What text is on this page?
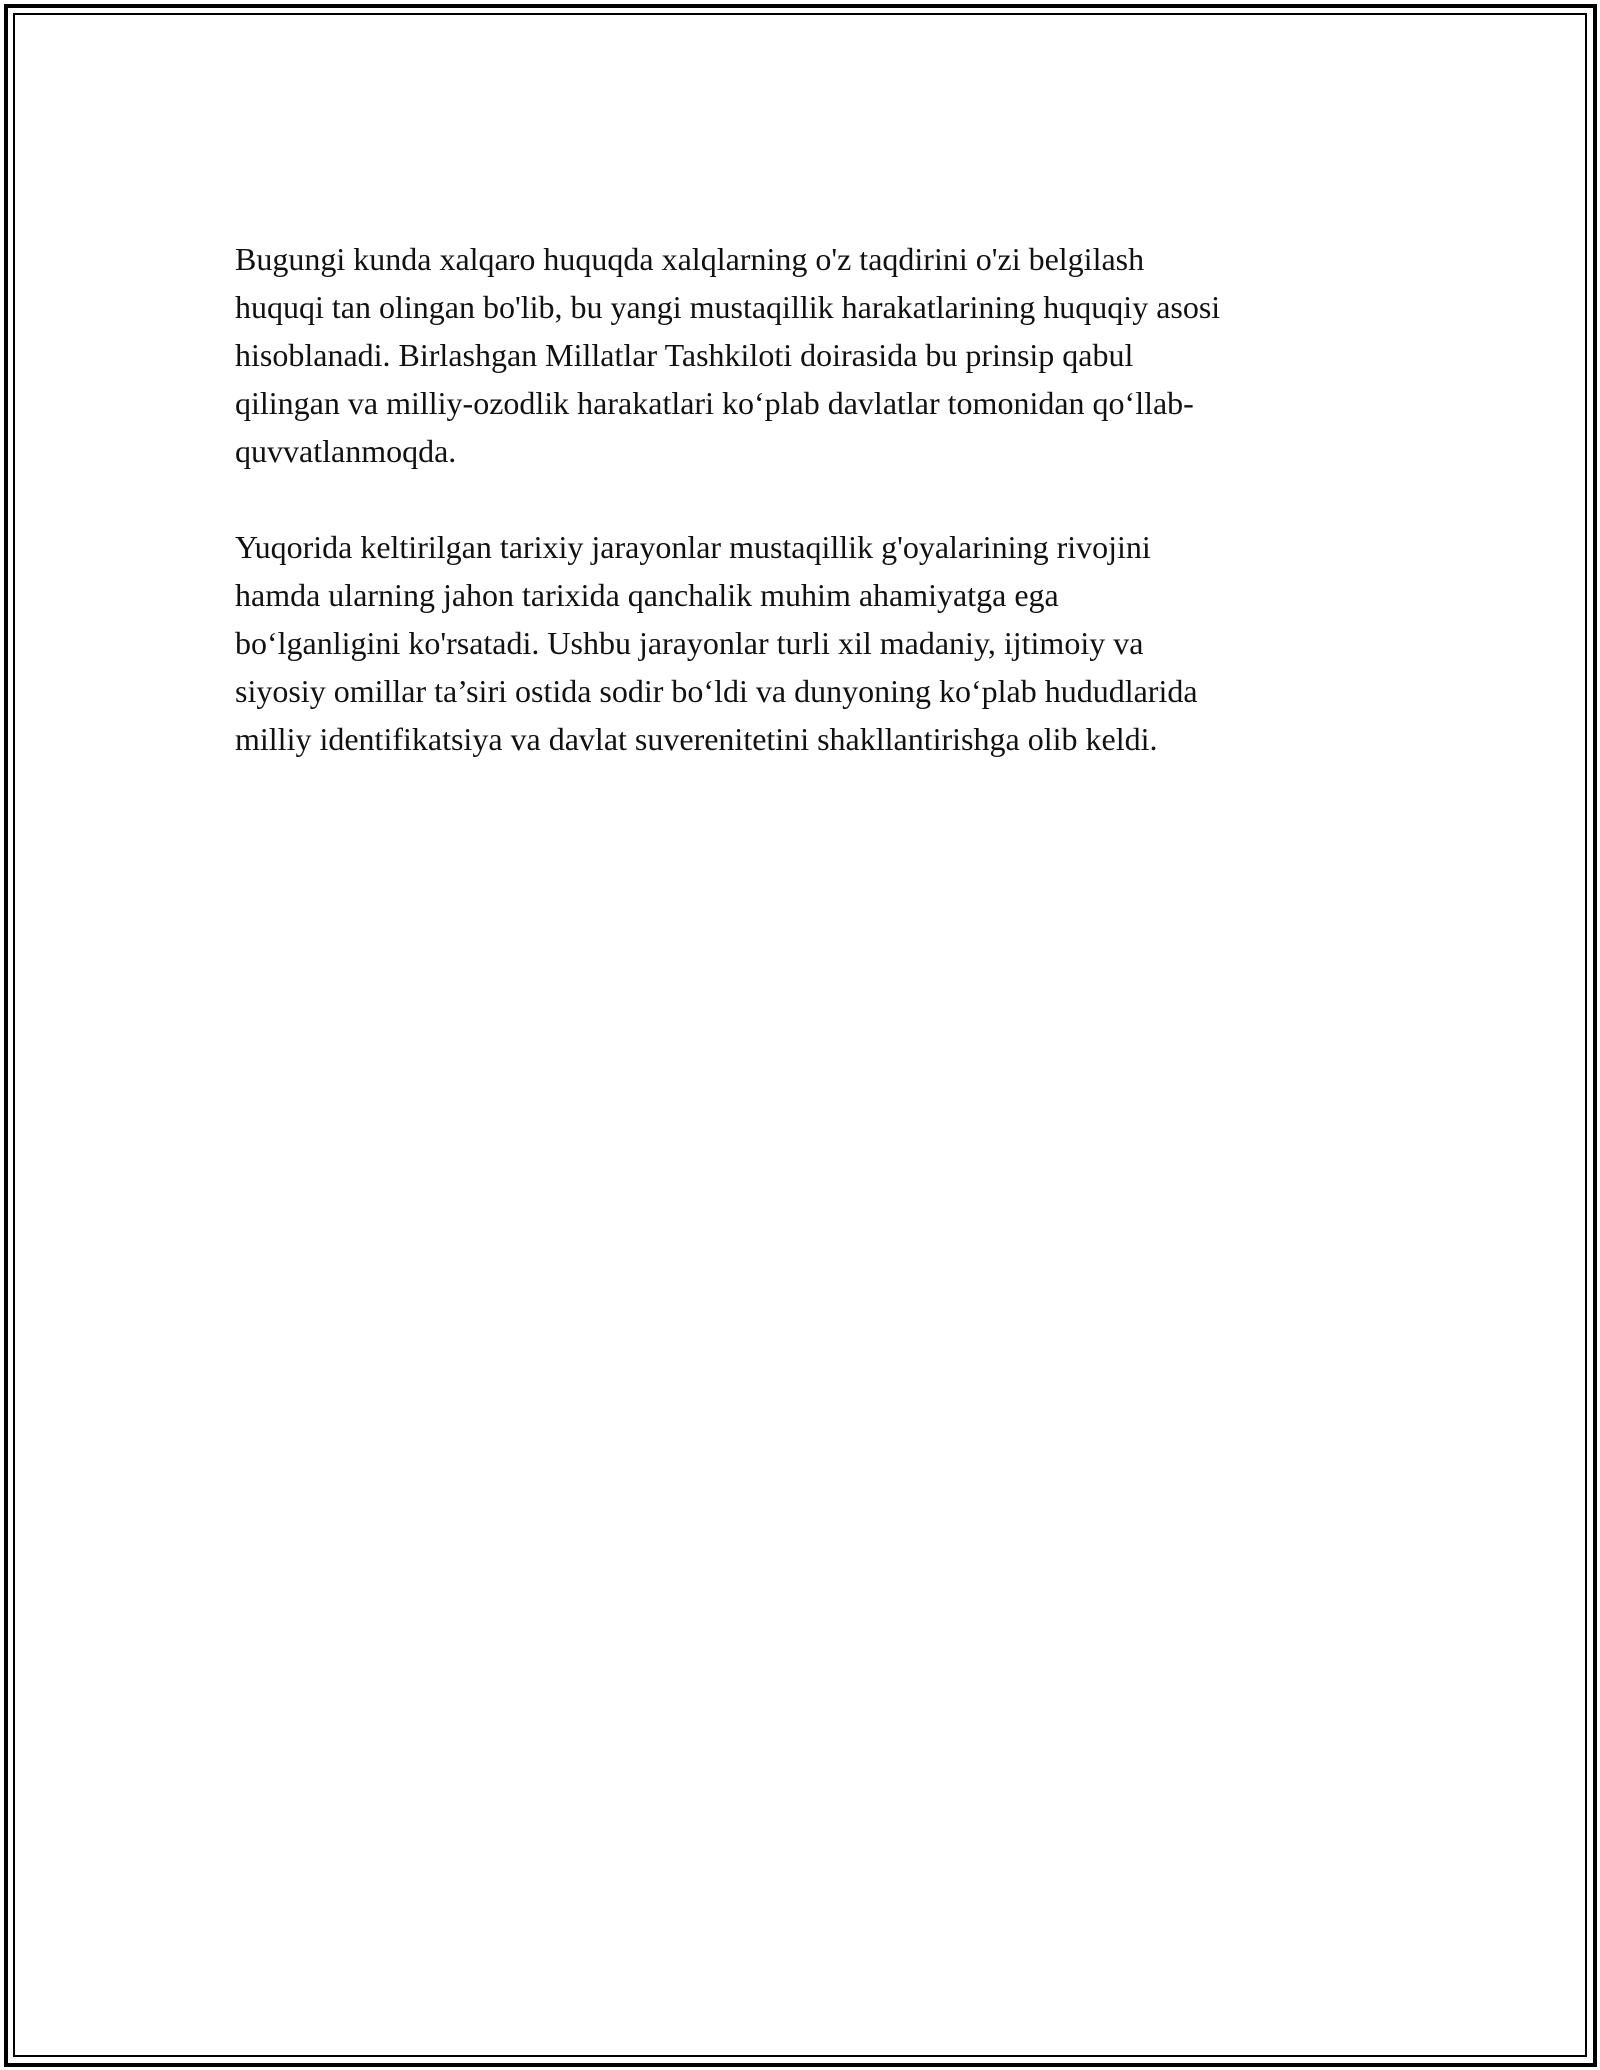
Bugungi kunda xalqaro huquqda xalqlarning o'z taqdirini o'zi belgilash
huquqi tan olingan bo'lib, bu yangi mustaqillik harakatlarining huquqiy asosi
hisoblanadi. Birlashgan Millatlar Tashkiloti doirasida bu prinsip qabul
qilingan va milliy-ozodlik harakatlari ko‘plab davlatlar tomonidan qo‘llab-
quvvatlanmoqda.

Yuqorida keltirilgan tarixiy jarayonlar mustaqillik g'oyalarining rivojini
hamda ularning jahon tarixida qanchalik muhim ahamiyatga ega
bo‘lganligini ko'rsatadi. Ushbu jarayonlar turli xil madaniy, ijtimoiy va
siyosiy omillar ta’siri ostida sodir bo‘ldi va dunyoning ko‘plab hududlarida
milliy identifikatsiya va davlat suverenitetini shakllantirishga olib keldi.
